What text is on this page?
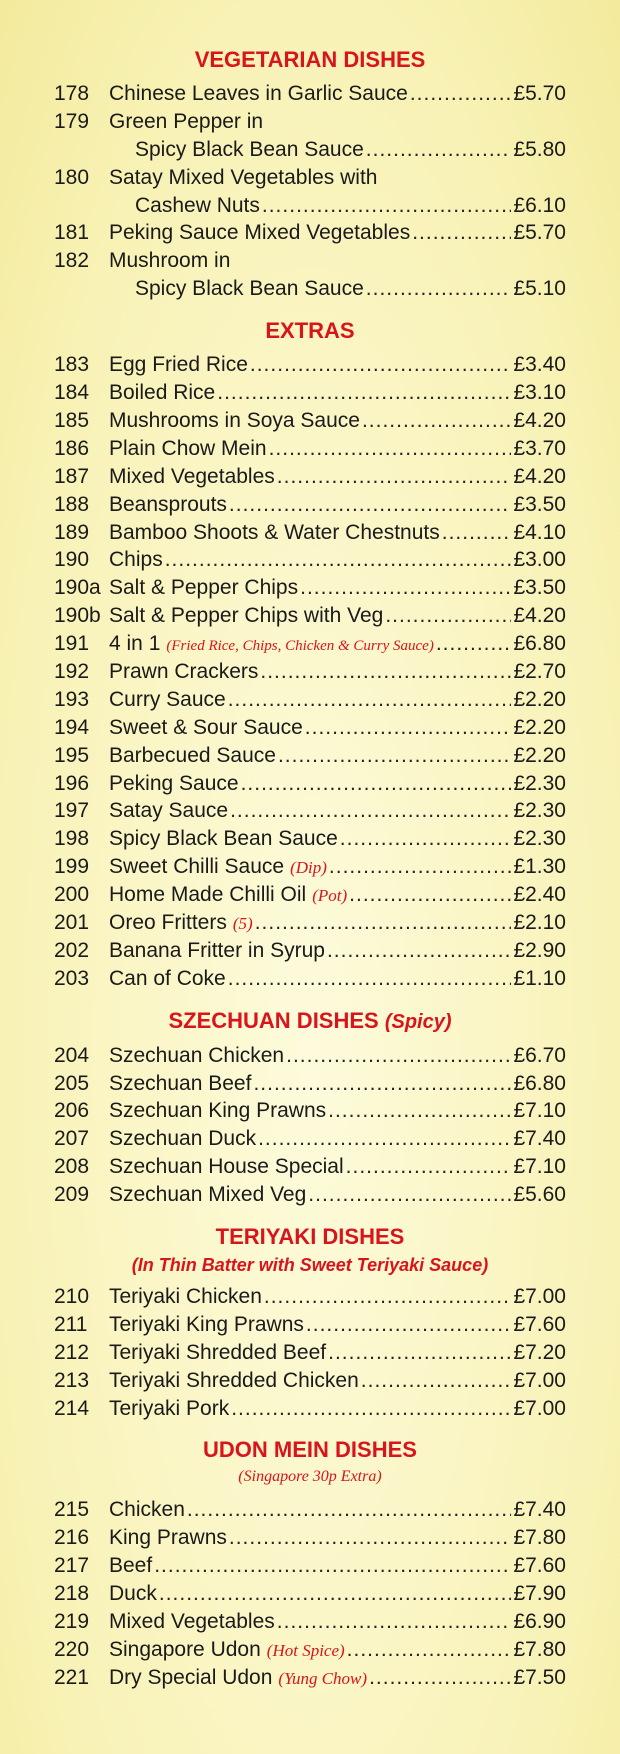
VEGETARIAN DISHES
178 Chinese Leaves in Garlic Sauce .....	£5.70
179 Green Pepper in
Spicy Black Bean Sauce .....	£5.80
180 Satay Mixed Vegetables with
Cashew Nuts .....	£6.10
181 Peking Sauce Mixed Vegetables .....	£5.70
182 Mushroom in
Spicy Black Bean Sauce .....	£5.10
EXTRAS
183 Egg Fried Rice .....	£3.40
184 Boiled Rice .....	£3.10
185 Mushrooms in Soya Sauce .....	£4.20
186 Plain Chow Mein .....	£3.70
187 Mixed Vegetables .....	£4.20
188 Beansprouts .....	£3.50
189 Bamboo Shoots & Water Chestnuts .....	£4.10
190 Chips .....	£3.00
190a Salt & Pepper Chips .....	£3.50
190b Salt & Pepper Chips with Veg .....	£4.20
191 4 in 1 (Fried Rice, Chips, Chicken & Curry Sauce) .....	£6.80
192 Prawn Crackers .....	£2.70
193 Curry Sauce .....	£2.20
194 Sweet & Sour Sauce .....	£2.20
195 Barbecued Sauce .....	£2.20
196 Peking Sauce .....	£2.30
197 Satay Sauce .....	£2.30
198 Spicy Black Bean Sauce .....	£2.30
199 Sweet Chilli Sauce (Dip) .....	£1.30
200 Home Made Chilli Oil (Pot) .....	£2.40
201 Oreo Fritters (5) .....	£2.10
202 Banana Fritter in Syrup .....	£2.90
203 Can of Coke .....	£1.10
SZECHUAN DISHES (Spicy)
204 Szechuan Chicken .....	£6.70
205 Szechuan Beef .....	£6.80
206 Szechuan King Prawns .....	£7.10
207 Szechuan Duck .....	£7.40
208 Szechuan House Special .....	£7.10
209 Szechuan Mixed Veg .....	£5.60
TERIYAKI DISHES
(In Thin Batter with Sweet Teriyaki Sauce)
210 Teriyaki Chicken .....	£7.00
211	Teriyaki King Prawns .....	£7.60
212 Teriyaki Shredded Beef .....	£7.20
213 Teriyaki Shredded Chicken .....	£7.00
214 Teriyaki Pork .....	£7.00
UDON MEIN DISHES
(Singapore 30p Extra)
215 Chicken .....	£7.40
216 King Prawns .....	£7.80
217 Beef .....	£7.60
218 Duck .....	£7.90
219 Mixed Vegetables .....	£6.90
220 Singapore Udon (Hot Spice) .....	£7.80
221 Dry Special Udon (Yung Chow) .....	£7.50
